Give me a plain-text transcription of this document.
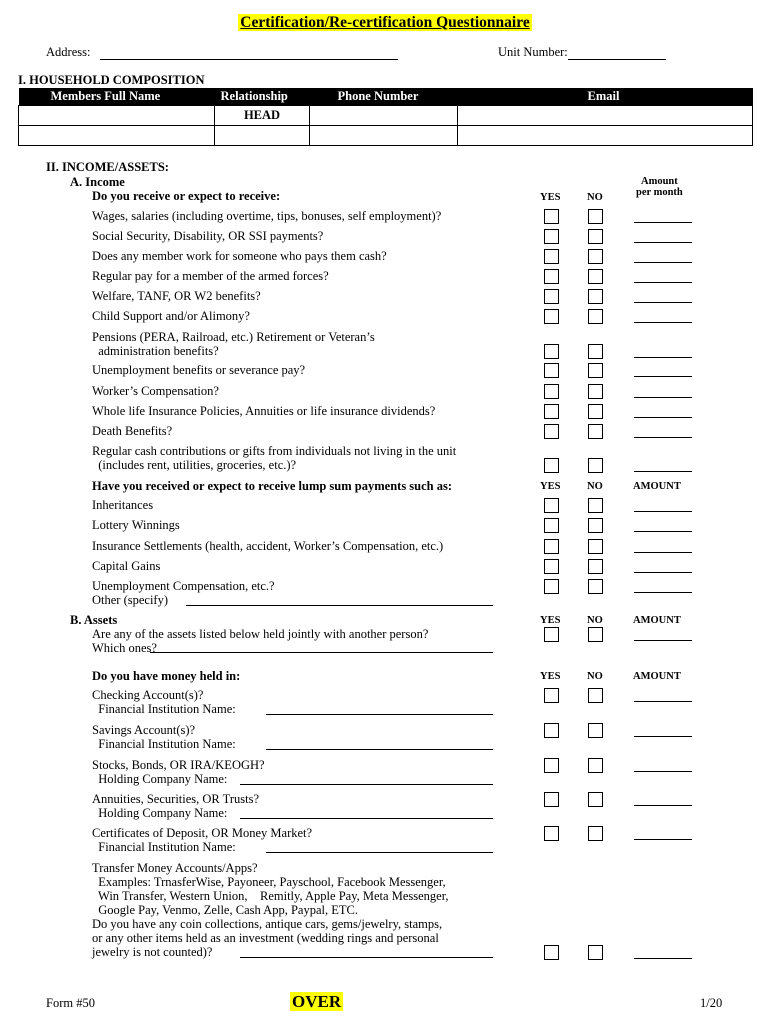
Certification/Re-certification Questionnaire
Address:	Unit Number:
I. HOUSEHOLD COMPOSITION
Members Full Name	Relationship	Phone Number	Email
	HEAD		

II. INCOME/ASSETS:
A. Income	Amount
per month
Do you receive or expect to receive:	YES	NO
Wages, salaries (including overtime, tips, bonuses, self employment)?
Social Security, Disability, OR SSI payments?
Does any member work for someone who pays them cash?
Regular pay for a member of the armed forces?
Welfare, TANF, OR W2 benefits?
Child Support and/or Alimony?
Pensions (PERA, Railroad, etc.) Retirement or Veteran’s
administration benefits?
Unemployment benefits or severance pay?
Worker’s Compensation?
Whole life Insurance Policies, Annuities or life insurance dividends?
Death Benefits?
Regular cash contributions or gifts from individuals not living in the unit
(includes rent, utilities, groceries, etc.)?
Have you received or expect to receive lump sum payments such as:	YES	NO	AMOUNT
Inheritances
Lottery Winnings
Insurance Settlements (health, accident, Worker’s Compensation, etc.)
Capital Gains
Unemployment Compensation, etc.?
Other (specify)
B. Assets	YES	NO	AMOUNT
Are any of the assets listed below held jointly with another person?
Which ones?
Do you have money held in:	YES	NO	AMOUNT
Checking Account(s)?
Financial Institution Name:
Savings Account(s)?
Financial Institution Name:
Stocks, Bonds, OR IRA/KEOGH?
Holding Company Name:
Annuities, Securities, OR Trusts?
Holding Company Name:
Certificates of Deposit, OR Money Market?
Financial Institution Name:
Transfer Money Accounts/Apps?
Examples: TrnasferWise, Payoneer, Payschool, Facebook Messenger,
Win Transfer, Western Union,    Remitly, Apple Pay, Meta Messenger,
Google Pay, Venmo, Zelle, Cash App, Paypal, ETC.
Do you have any coin collections, antique cars, gems/jewelry, stamps,
or any other items held as an investment (wedding rings and personal
jewelry is not counted)?
Form #50	OVER	1/20
